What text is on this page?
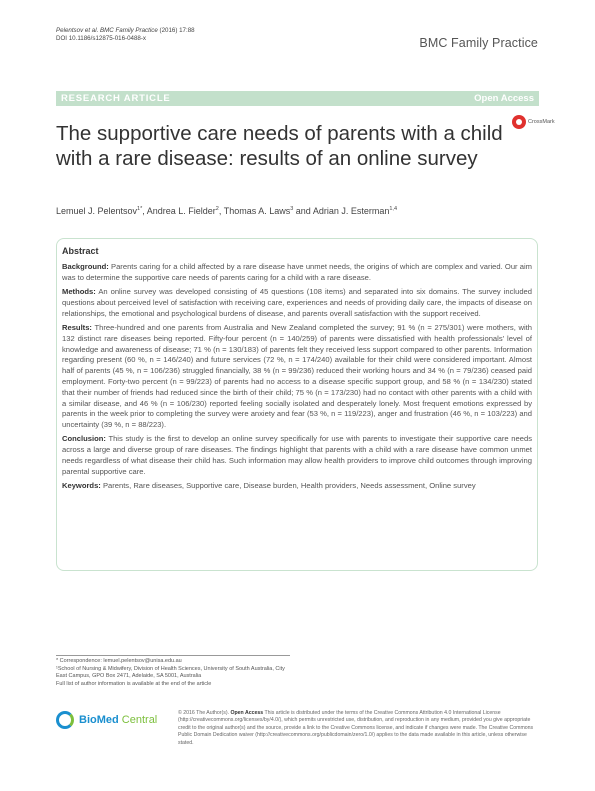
Pelentsov et al. BMC Family Practice (2016) 17:88
DOI 10.1186/s12875-016-0488-x	BMC Family Practice
RESEARCH ARTICLE	Open Access
The supportive care needs of parents with a child with a rare disease: results of an online survey
CrossMark
Lemuel J. Pelentsov$^{1*}$, Andrea L. Fielder$^2$, Thomas A. Laws$^3$ and Adrian J. Esterman$^{1,4}$
Abstract

Background: Parents caring for a child affected by a rare disease have unmet needs, the origins of which are complex and varied. Our aim was to determine the supportive care needs of parents caring for a child with a rare disease.

Methods: An online survey was developed consisting of 45 questions (108 items) and separated into six domains. The survey included questions about perceived level of satisfaction with receiving care, experiences and needs of providing daily care, the impacts of disease on relationships, the emotional and psychological burdens of disease, and parents overall satisfaction with the support received.

Results: Three-hundred and one parents from Australia and New Zealand completed the survey; 91 % (n = 275/301) were mothers, with 132 distinct rare diseases being reported. Fifty-four percent (n = 140/259) of parents were dissatisfied with health professionals' level of knowledge and awareness of disease; 71 % (n = 130/183) of parents felt they received less support compared to other parents. Information regarding present (60 %, n = 146/240) and future services (72 %, n = 174/240) available for their child were considered important. Almost half of parents (45 %, n = 106/236) struggled financially, 38 % (n = 99/236) reduced their working hours and 34 % (n = 79/236) ceased paid employment. Forty-two percent (n = 99/223) of parents had no access to a disease specific support group, and 58 % (n = 134/230) stated that their number of friends had reduced since the birth of their child; 75 % (n = 173/230) had no contact with other parents with a child with a similar disease, and 46 % (n = 106/230) reported feeling socially isolated and desperately lonely. Most frequent emotions expressed by parents in the week prior to completing the survey were anxiety and fear (53 %, n = 119/223), anger and frustration (46 %, n = 103/223) and uncertainty (39 %, n = 88/223).

Conclusion: This study is the first to develop an online survey specifically for use with parents to investigate their supportive care needs across a large and diverse group of rare diseases. The findings highlight that parents with a child with a rare disease have common unmet needs regardless of what disease their child has. Such information may allow health providers to improve child outcomes through improving parental supportive care.

Keywords: Parents, Rare diseases, Supportive care, Disease burden, Health providers, Needs assessment, Online survey

* Correspondence: lemuel.pelentsov@unisa.edu.au

¹School of Nursing & Midwifery, Division of Health Sciences, University of South Australia, City East Campus, GPO Box 2471, Adelaide, SA 5001, Australia

Full list of author information is available at the end of the article

BioMed Central
© 2016 The Author(s). Open Access This article is distributed under the terms of the Creative Commons Attribution 4.0 International License (http://creativecommons.org/licenses/by/4.0/), which permits unrestricted use, distribution, and reproduction in any medium, provided you give appropriate credit to the original author(s) and the source, provide a link to the Creative Commons license, and indicate if changes were made. The Creative Commons Public Domain Dedication waiver (http://creativecommons.org/publicdomain/zero/1.0/) applies to the data made available in this article, unless otherwise stated.
